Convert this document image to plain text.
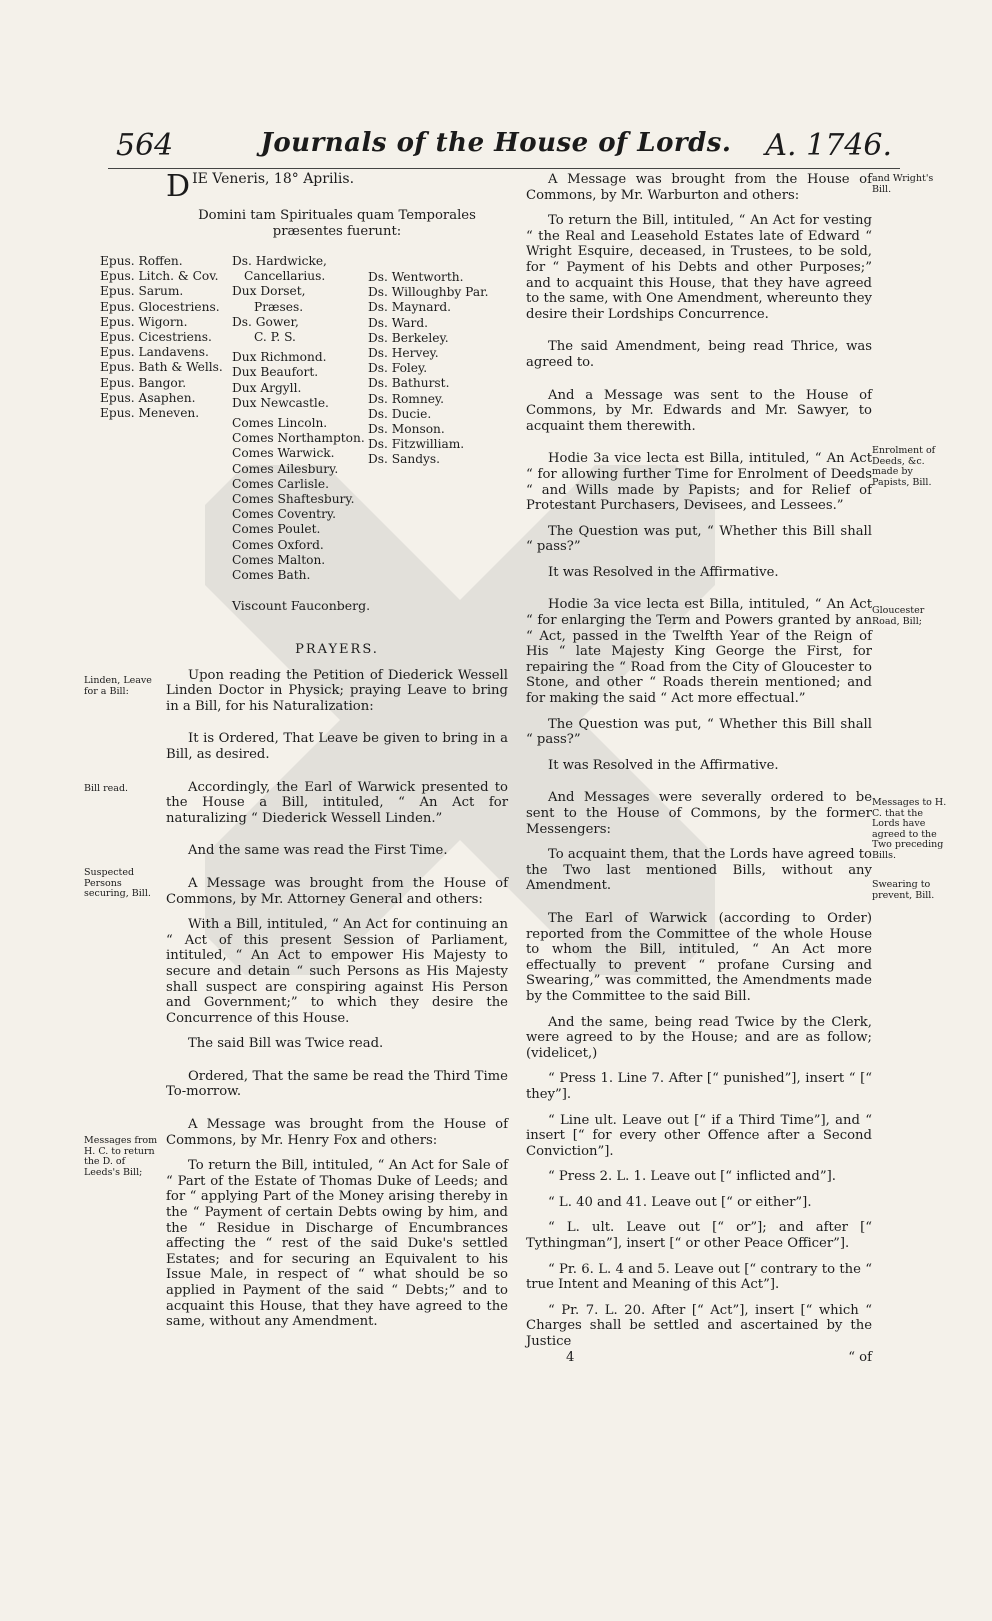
564	Journals of the House of Lords.	A. 1746.
D IE Veneris, 18° Aprilis.

Domini tam Spirituales quam Temporales præsentes fuerunt:

Epus. Roffen.
Epus. Litch. & Cov.
Epus. Sarum.
Epus. Glocestriens.
Epus. Wigorn.
Epus. Cicestriens.
Epus. Landavens.
Epus. Bath & Wells.
Epus. Bangor.
Epus. Asaphen.
Epus. Meneven.
Ds. Hardwicke,
Cancellarius.
Dux Dorset,
Præses.
Ds. Gower,
C. P. S.
Dux Richmond.
Dux Beaufort.
Dux Argyll.
Dux Newcastle.
Comes Lincoln.
Comes Northampton.
Comes Warwick.
Comes Ailesbury.
Comes Carlisle.
Comes Shaftesbury.
Comes Coventry.
Comes Poulet.
Comes Oxford.
Comes Malton.
Comes Bath.
Ds. Wentworth.
Ds. Willoughby Par.
Ds. Maynard.
Ds. Ward.
Ds. Berkeley.
Ds. Hervey.
Ds. Foley.
Ds. Bathurst.
Ds. Romney.
Ds. Ducie.
Ds. Monson.
Ds. Fitzwilliam.
Ds. Sandys.
Viscount Fauconberg.

PRAYERS.

Upon reading the Petition of Diederick Wessell Linden Doctor in Physick; praying Leave to bring in a Bill, for his Naturalization:

It is Ordered, That Leave be given to bring in a Bill, as desired.

Accordingly, the Earl of Warwick presented to the House a Bill, intituled, “ An Act for naturalizing “ Diederick Wessell Linden.”

And the same was read the First Time.

A Message was brought from the House of Commons, by Mr. Attorney General and others:

With a Bill, intituled, “ An Act for continuing an “ Act of this present Session of Parliament, intituled, “ An Act to empower His Majesty to secure and detain “ such Persons as His Majesty shall suspect are conspiring against His Person and Government;” to which they desire the Concurrence of this House.

The said Bill was Twice read.

Ordered, That the same be read the Third Time To-morrow.

A Message was brought from the House of Commons, by Mr. Henry Fox and others:

To return the Bill, intituled, “ An Act for Sale of “ Part of the Estate of Thomas Duke of Leeds; and for “ applying Part of the Money arising thereby in the “ Payment of certain Debts owing by him, and the “ Residue in Discharge of Encumbrances affecting the “ rest of the said Duke's settled Estates; and for securing an Equivalent to his Issue Male, in respect of “ what should be so applied in Payment of the said “ Debts;” and to acquaint this House, that they have agreed to the same, without any Amendment.

A Message was brought from the House of Commons, by Mr. Warburton and others:

To return the Bill, intituled, “ An Act for vesting “ the Real and Leasehold Estates late of Edward “ Wright Esquire, deceased, in Trustees, to be sold, for “ Payment of his Debts and other Purposes;” and to acquaint this House, that they have agreed to the same, with One Amendment, whereunto they desire their Lordships Concurrence.

The said Amendment, being read Thrice, was agreed to.

And a Message was sent to the House of Commons, by Mr. Edwards and Mr. Sawyer, to acquaint them therewith.

Hodie 3a vice lecta est Billa, intituled, “ An Act “ for allowing further Time for Enrolment of Deeds “ and Wills made by Papists; and for Relief of Protestant Purchasers, Devisees, and Lessees.”

The Question was put, “ Whether this Bill shall “ pass?”

It was Resolved in the Affirmative.

Hodie 3a vice lecta est Billa, intituled, “ An Act “ for enlarging the Term and Powers granted by an “ Act, passed in the Twelfth Year of the Reign of His “ late Majesty King George the First, for repairing the “ Road from the City of Gloucester to Stone, and other “ Roads therein mentioned; and for making the said “ Act more effectual.”

The Question was put, “ Whether this Bill shall “ pass?”

It was Resolved in the Affirmative.

And Messages were severally ordered to be sent to the House of Commons, by the former Messengers:

To acquaint them, that the Lords have agreed to the Two last mentioned Bills, without any Amendment.

The Earl of Warwick (according to Order) reported from the Committee of the whole House to whom the Bill, intituled, “ An Act more effectually to prevent “ profane Cursing and Swearing,” was committed, the Amendments made by the Committee to the said Bill.

And the same, being read Twice by the Clerk, were agreed to by the House; and are as follow; (videlicet,)

“ Press 1. Line 7. After [“ punished”], insert “ [“ they”].

“ Line ult. Leave out [“ if a Third Time”], and “ insert [“ for every other Offence after a Second Conviction”].

“ Press 2. L. 1. Leave out [“ inflicted and”].

“ L. 40 and 41. Leave out [“ or either”].

“ L. ult. Leave out [“ or”]; and after [“ Tythingman”], insert [“ or other Peace Officer”].

“ Pr. 6. L. 4 and 5. Leave out [“ contrary to the “ true Intent and Meaning of this Act”].

“ Pr. 7. L. 20. After [“ Act”], insert [“ which “ Charges shall be settled and ascertained by the Justice

4	“ of
Linden, Leave for a Bill:
Bill read.
Suspected Persons securing, Bill.
Messages from H. C. to return the D. of Leeds's Bill;
and Wright's Bill.
Enrolment of Deeds, &c. made by Papists, Bill.
Gloucester Road, Bill;
Messages to H. C. that the Lords have agreed to the Two preceding Bills.
Swearing to prevent, Bill.
